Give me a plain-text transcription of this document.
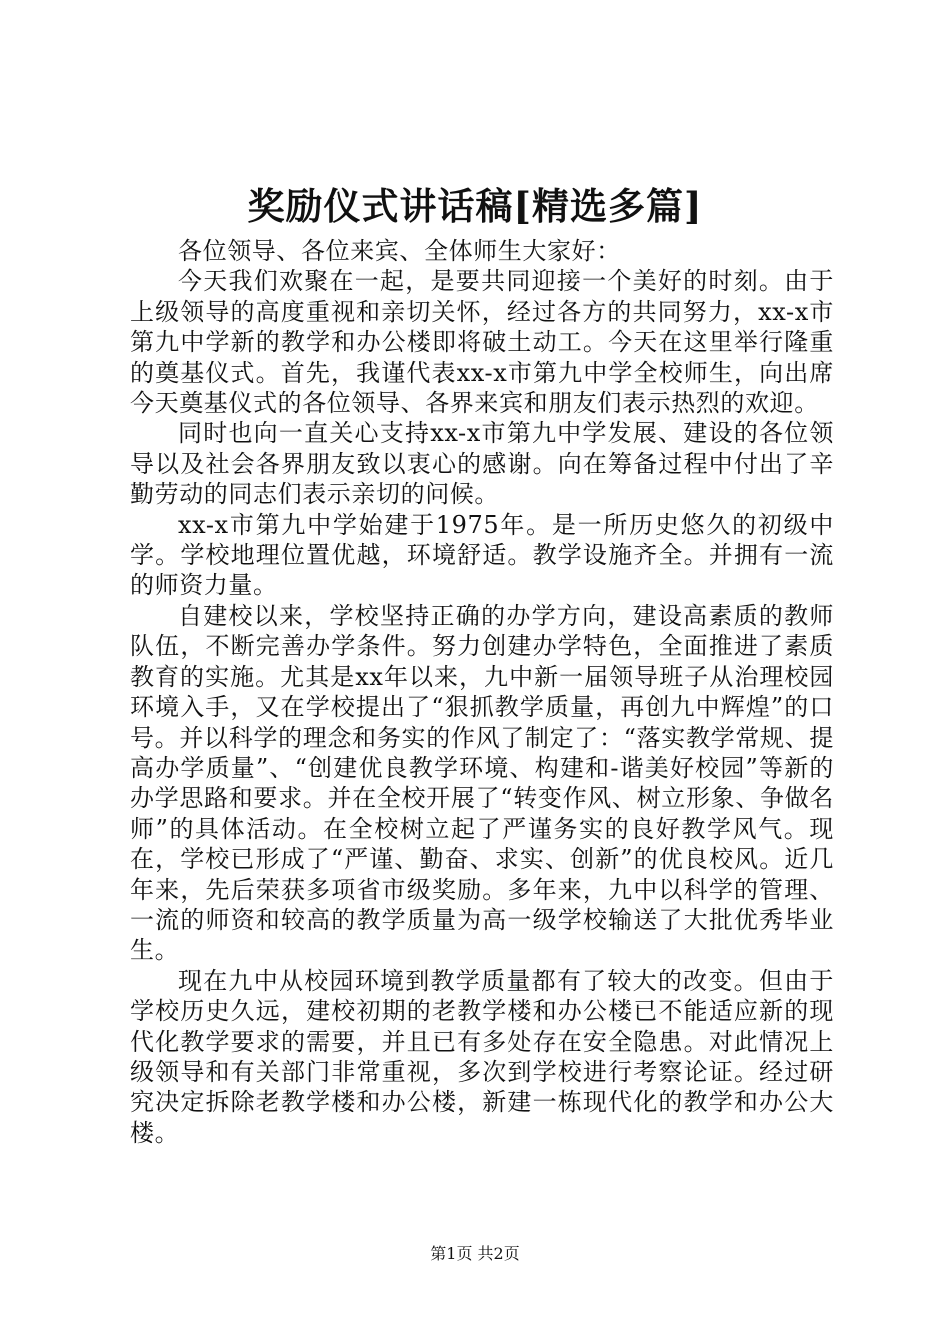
奖励仪式讲话稿[精选多篇]

各位领导、各位来宾、全体师生大家好：

今天我们欢聚在一起，是要共同迎接一个美好的时刻。由于上级领导的高度重视和亲切关怀，经过各方的共同努力，xx-x市第九中学新的教学和办公楼即将破土动工。今天在这里举行隆重的奠基仪式。首先，我谨代表xx-x市第九中学全校师生，向出席今天奠基仪式的各位领导、各界来宾和朋友们表示热烈的欢迎。

同时也向一直关心支持xx-x市第九中学发展、建设的各位领导以及社会各界朋友致以衷心的感谢。向在筹备过程中付出了辛勤劳动的同志们表示亲切的问候。

xx-x市第九中学始建于1975年。是一所历史悠久的初级中学。学校地理位置优越，环境舒适。教学设施齐全。并拥有一流的师资力量。

自建校以来，学校坚持正确的办学方向，建设高素质的教师队伍，不断完善办学条件。努力创建办学特色，全面推进了素质教育的实施。尤其是xx年以来，九中新一届领导班子从治理校园环境入手，又在学校提出了“狠抓教学质量，再创九中辉煌”的口号。并以科学的理念和务实的作风了制定了：“落实教学常规、提高办学质量”、“创建优良教学环境、构建和-谐美好校园”等新的办学思路和要求。并在全校开展了“转变作风、树立形象、争做名师”的具体活动。在全校树立起了严谨务实的良好教学风气。现在，学校已形成了“严谨、勤奋、求实、创新”的优良校风。近几年来，先后荣获多项省市级奖励。多年来，九中以科学的管理、一流的师资和较高的教学质量为高一级学校输送了大批优秀毕业生。

现在九中从校园环境到教学质量都有了较大的改变。但由于学校历史久远，建校初期的老教学楼和办公楼已不能适应新的现代化教学要求的需要，并且已有多处存在安全隐患。对此情况上级领导和有关部门非常重视，多次到学校进行考察论证。经过研究决定拆除老教学楼和办公楼，新建一栋现代化的教学和办公大楼。

第1页 共2页
